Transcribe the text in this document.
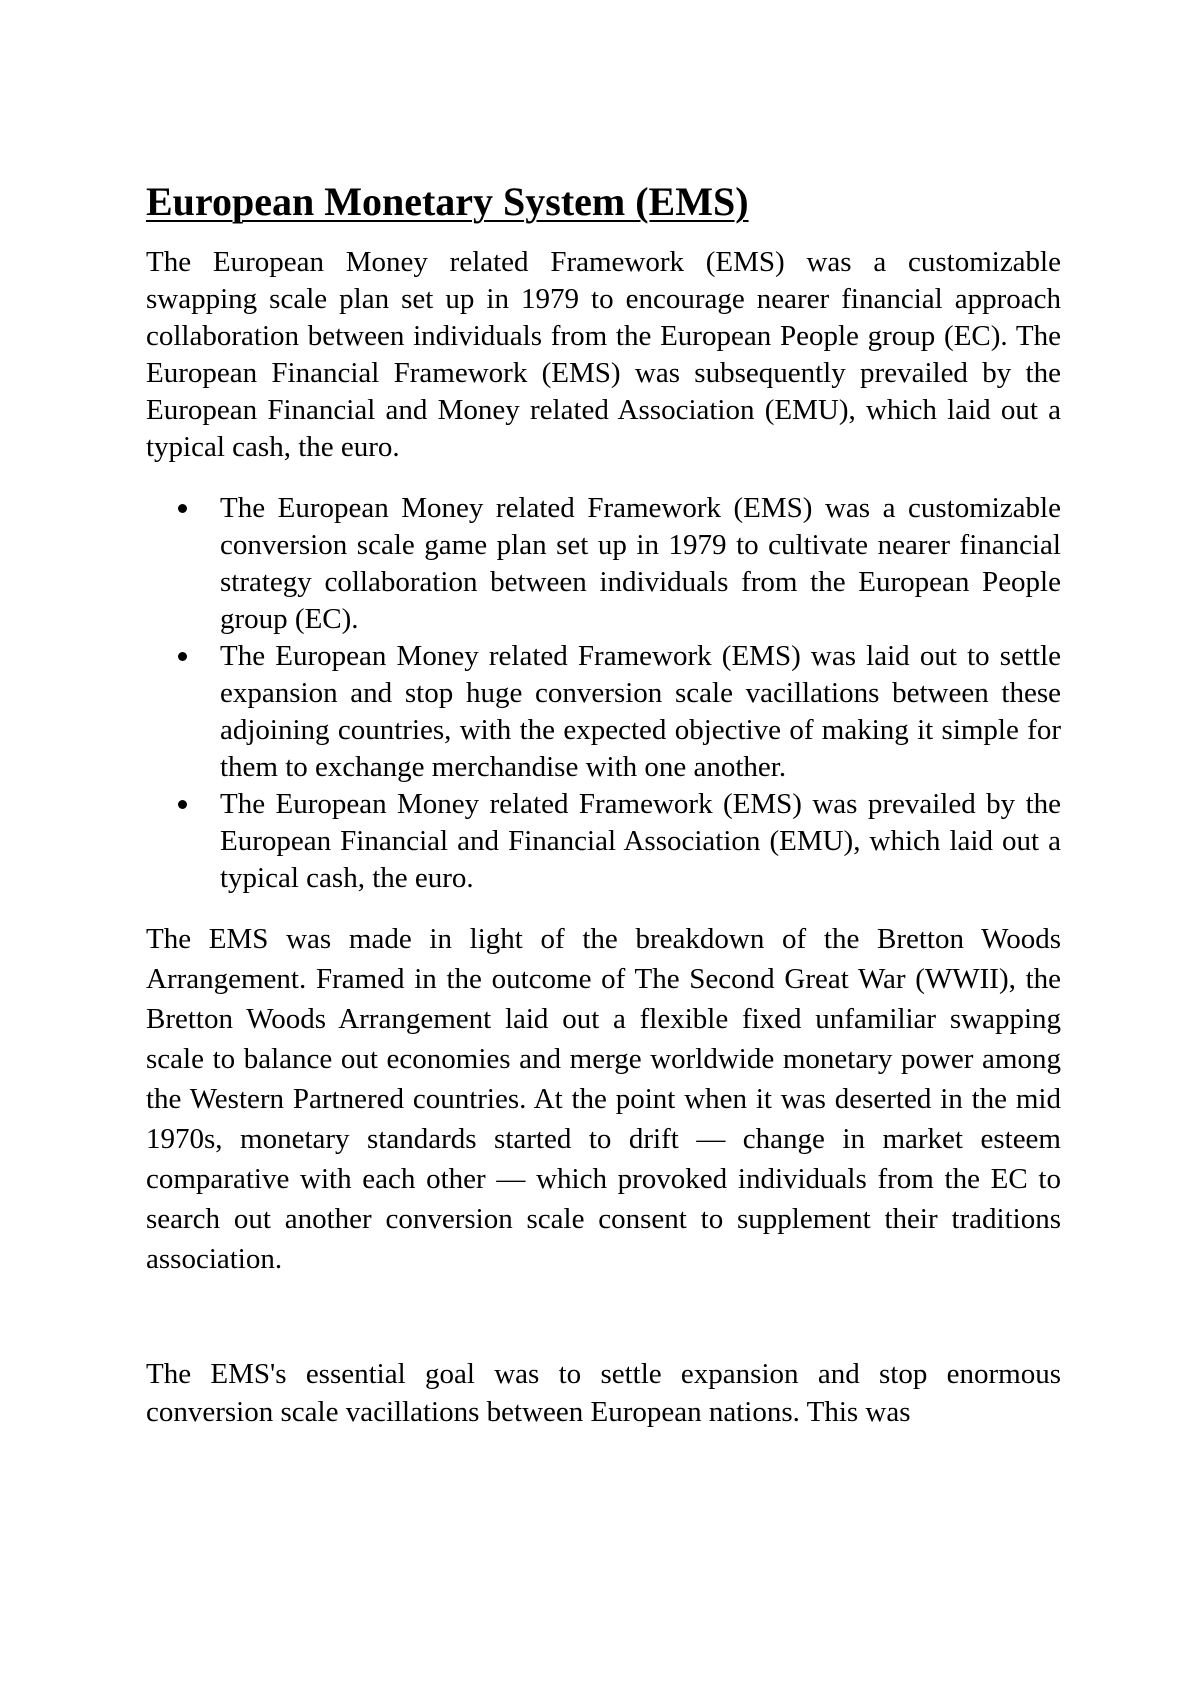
European Monetary System (EMS)

The European Money related Framework (EMS) was a customizable swapping scale plan set up in 1979 to encourage nearer financial approach collaboration between individuals from the European People group (EC). The European Financial Framework (EMS) was subsequently prevailed by the European Financial and Money related Association (EMU), which laid out a typical cash, the euro.

The European Money related Framework (EMS) was a customizable conversion scale game plan set up in 1979 to cultivate nearer financial strategy collaboration between individuals from the European People group (EC).
The European Money related Framework (EMS) was laid out to settle expansion and stop huge conversion scale vacillations between these adjoining countries, with the expected objective of making it simple for them to exchange merchandise with one another.
The European Money related Framework (EMS) was prevailed by the European Financial and Financial Association (EMU), which laid out a typical cash, the euro.

The EMS was made in light of the breakdown of the Bretton Woods Arrangement. Framed in the outcome of The Second Great War (WWII), the Bretton Woods Arrangement laid out a flexible fixed unfamiliar swapping scale to balance out economies and merge worldwide monetary power among the Western Partnered countries. At the point when it was deserted in the mid 1970s, monetary standards started to drift — change in market esteem comparative with each other — which provoked individuals from the EC to search out another conversion scale consent to supplement their traditions association.

The EMS's essential goal was to settle expansion and stop enormous conversion scale vacillations between European nations. This was
